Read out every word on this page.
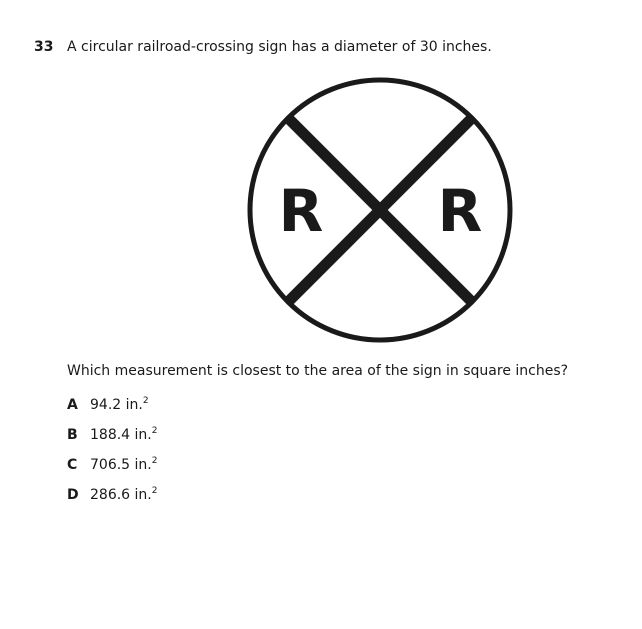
33 A circular railroad-crossing sign has a diameter of 30 inches.
R R
Which measurement is closest to the area of the sign in square inches?
A 94.2 in.$^2$
B 188.4 in.$^2$
C 706.5 in.$^2$
D 286.6 in.$^2$
